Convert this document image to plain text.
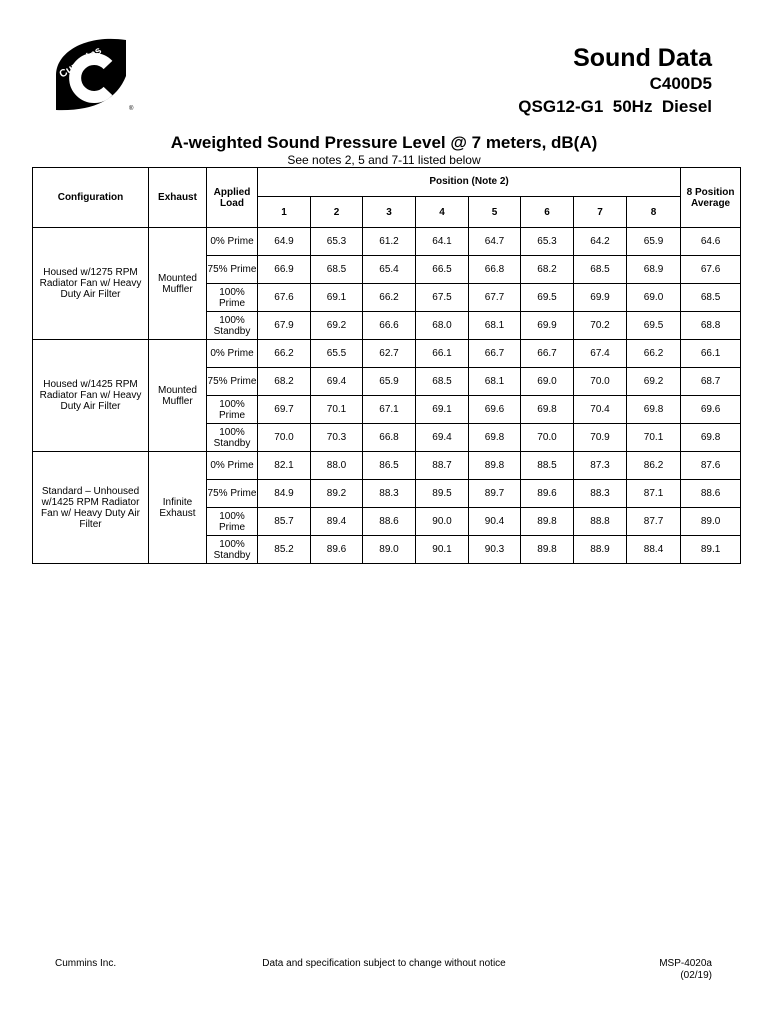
Cummins
®
Sound Data
C400D5
QSG12-G1  50Hz  Diesel
A-weighted Sound Pressure Level @ 7 meters, dB(A)
See notes 2, 5 and 7-11 listed below
Configuration	Exhaust	Applied Load	Position (Note 2)								8 Position Average
			1	2	3	4	5	6	7	8	
Housed w/1275 RPM Radiator Fan w/ Heavy Duty Air Filter	Mounted Muffler	0% Prime	64.9	65.3	61.2	64.1	64.7	65.3	64.2	65.9	64.6
		75% Prime	66.9	68.5	65.4	66.5	66.8	68.2	68.5	68.9	67.6
		100% Prime	67.6	69.1	66.2	67.5	67.7	69.5	69.9	69.0	68.5
		100% Standby	67.9	69.2	66.6	68.0	68.1	69.9	70.2	69.5	68.8
Housed w/1425 RPM Radiator Fan w/ Heavy Duty Air Filter	Mounted Muffler	0% Prime	66.2	65.5	62.7	66.1	66.7	66.7	67.4	66.2	66.1
		75% Prime	68.2	69.4	65.9	68.5	68.1	69.0	70.0	69.2	68.7
		100% Prime	69.7	70.1	67.1	69.1	69.6	69.8	70.4	69.8	69.6
		100% Standby	70.0	70.3	66.8	69.4	69.8	70.0	70.9	70.1	69.8
Standard – Unhoused w/1425 RPM Radiator Fan w/ Heavy Duty Air Filter	Infinite Exhaust	0% Prime	82.1	88.0	86.5	88.7	89.8	88.5	87.3	86.2	87.6
		75% Prime	84.9	89.2	88.3	89.5	89.7	89.6	88.3	87.1	88.6
		100% Prime	85.7	89.4	88.6	90.0	90.4	89.8	88.8	87.7	89.0
		100% Standby	85.2	89.6	89.0	90.1	90.3	89.8	88.9	88.4	89.1
Cummins Inc.	Data and specification subject to change without notice	MSP-4020a
(02/19)
